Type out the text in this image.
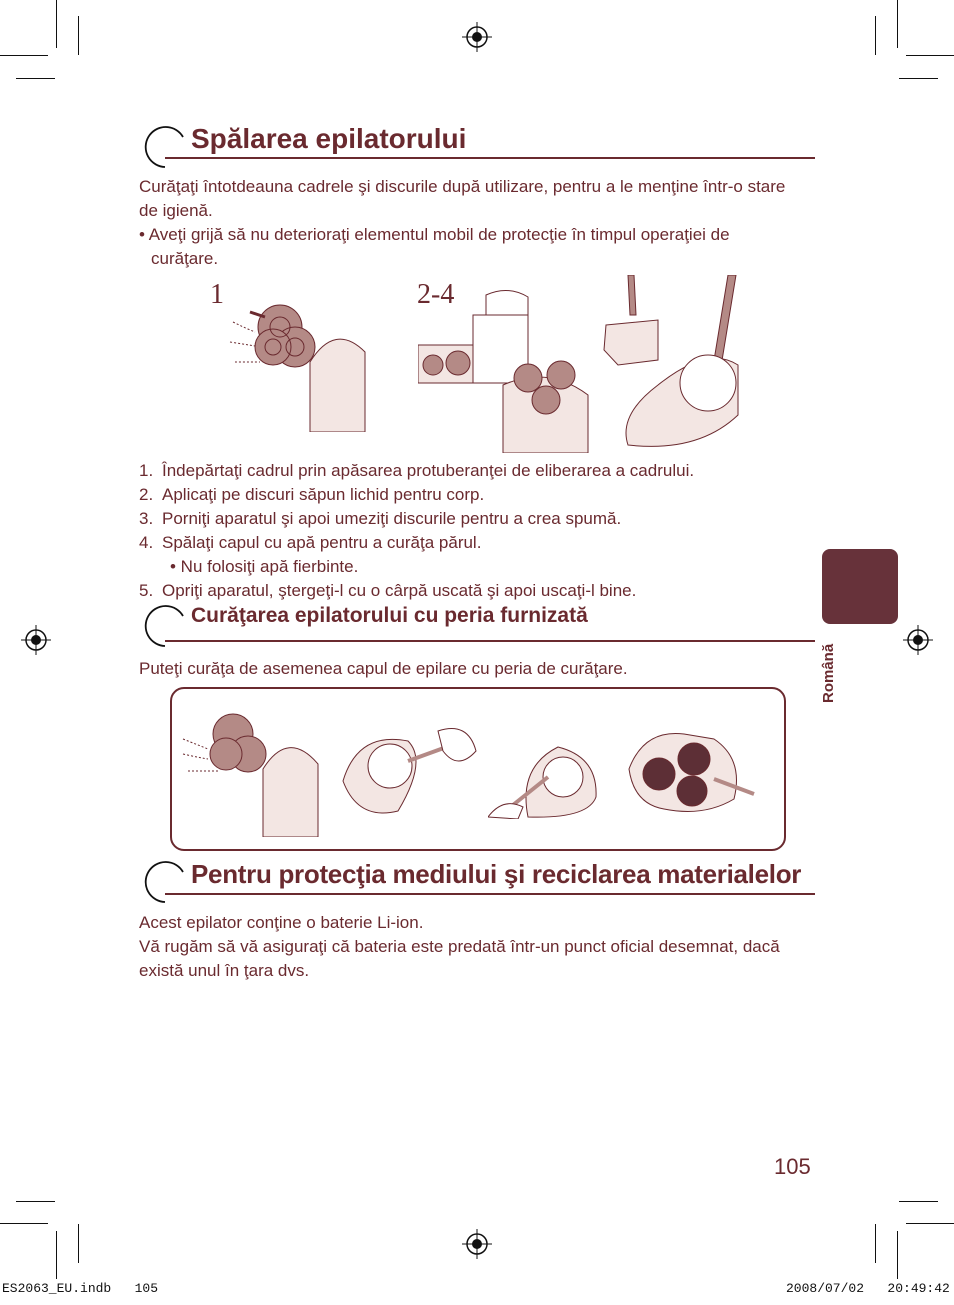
Spălarea epilatorului

Curăţaţi întotdeauna cadrele şi discurile după utilizare, pentru a le menţine într-o stare de igienă.

• Aveţi grijă să nu deterioraţi elementul mobil de protecţie în timpul operaţiei de curăţare.

1	2-4
1. Îndepărtaţi cadrul prin apăsarea protuberanţei de eliberarea a cadrului.
2. Aplicaţi pe discuri săpun lichid pentru corp.
3. Porniţi aparatul şi apoi umeziţi discurile pentru a crea spumă.
4. Spălaţi capul cu apă pentru a curăţa părul.
• Nu folosiţi apă fierbinte.
5. Opriţi aparatul, ştergeţi-l cu o cârpă uscată şi apoi uscaţi-l bine.
Curăţarea epilatorului cu peria furnizată

Puteţi curăţa de asemenea capul de epilare cu peria de curăţare.

Pentru protecţia mediului şi reciclarea materialelor

Acest epilator conţine o baterie Li-ion.

Vă rugăm să vă asiguraţi că bateria este predată într-un punct oficial desemnat, dacă există unul în ţara dvs.

Română
105
ES2063_EU.indb   105	2008/07/02   20:49:42
